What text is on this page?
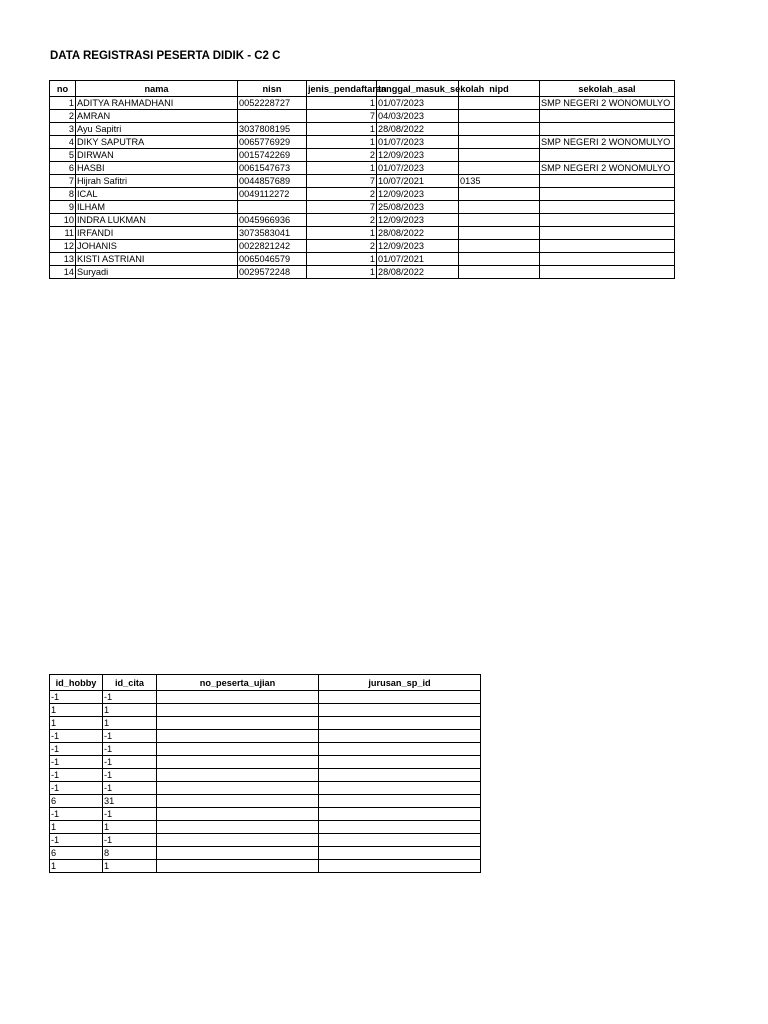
DATA REGISTRASI PESERTA DIDIK - C2 C
no	nama	nisn	jenis_pendaftaran	tanggal_masuk_sekolah	nipd	sekolah_asal
1	ADITYA RAHMADHANI	0052228727	1	01/07/2023		SMP NEGERI 2 WONOMULYO
2	AMRAN		7	04/03/2023		
3	Ayu Sapitri	3037808195	1	28/08/2022		
4	DIKY SAPUTRA	0065776929	1	01/07/2023		SMP NEGERI 2 WONOMULYO
5	DIRWAN	0015742269	2	12/09/2023		
6	HASBI	0061547673	1	01/07/2023		SMP NEGERI 2 WONOMULYO
7	Hijrah Safitri	0044857689	7	10/07/2021	0135	
8	ICAL	0049112272	2	12/09/2023		
9	ILHAM		7	25/08/2023		
10	INDRA LUKMAN	0045966936	2	12/09/2023		
11	IRFANDI	3073583041	1	28/08/2022		
12	JOHANIS	0022821242	2	12/09/2023		
13	KISTI ASTRIANI	0065046579	1	01/07/2021		
14	Suryadi	0029572248	1	28/08/2022		
id_hobby	id_cita	no_peserta_ujian	jurusan_sp_id
-1	-1		
1	1		
1	1		
-1	-1		
-1	-1		
-1	-1		
-1	-1		
-1	-1		
6	31		
-1	-1		
1	1		
-1	-1		
6	8		
1	1		
